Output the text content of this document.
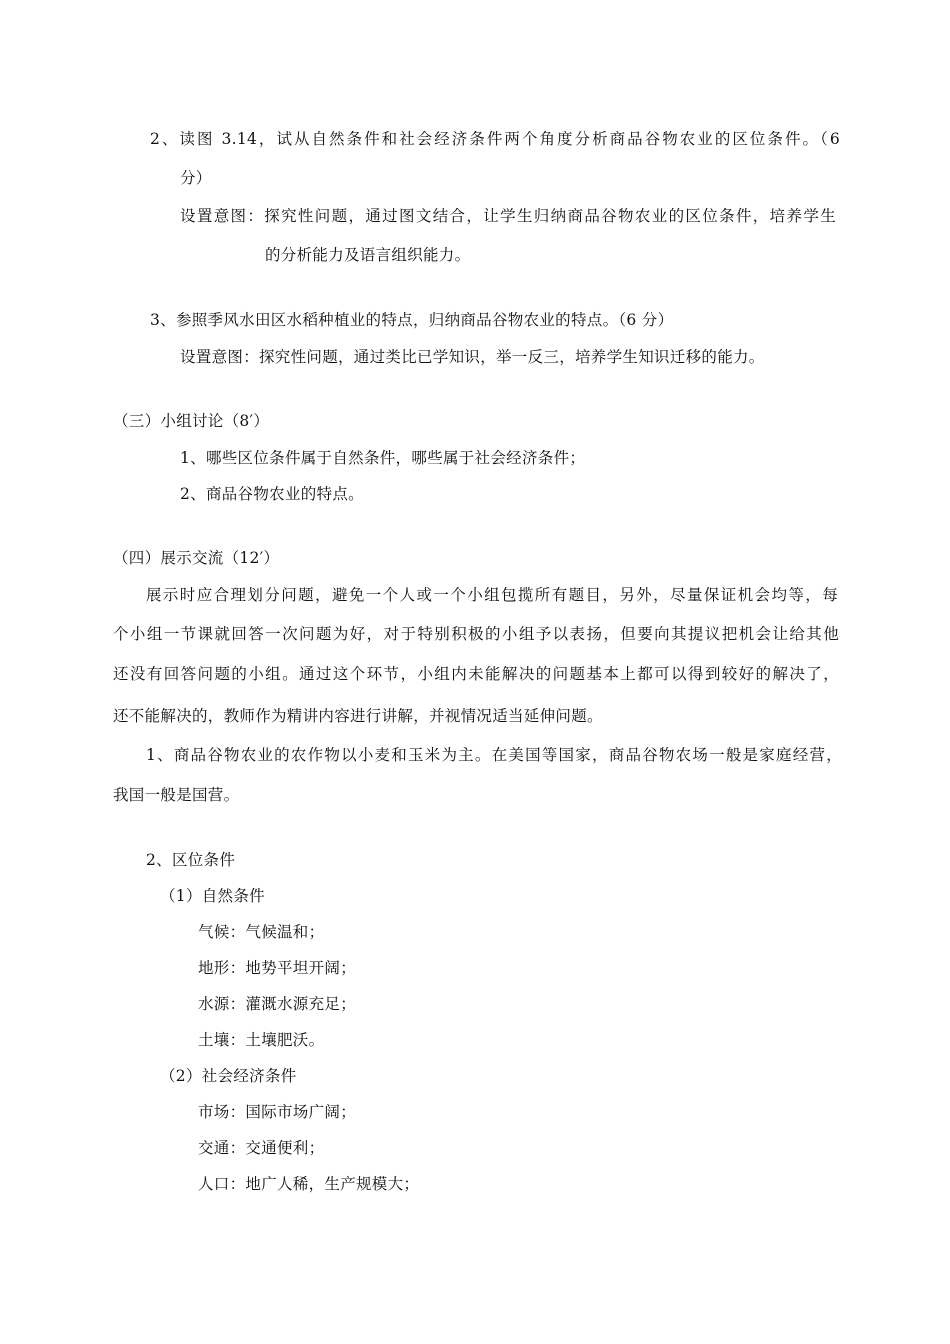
2、读图 3.14，试从自然条件和社会经济条件两个角度分析商品谷物农业的区位条件。（6
分）
设置意图：探究性问题，通过图文结合，让学生归纳商品谷物农业的区位条件，培养学生
的分析能力及语言组织能力。
3、参照季风水田区水稻种植业的特点，归纳商品谷物农业的特点。（6 分）
设置意图：探究性问题，通过类比已学知识，举一反三，培养学生知识迁移的能力。
（三）小组讨论（8′）
1、哪些区位条件属于自然条件，哪些属于社会经济条件；
2、商品谷物农业的特点。
（四）展示交流（12′）
展示时应合理划分问题，避免一个人或一个小组包揽所有题目，另外，尽量保证机会均等，每
个小组一节课就回答一次问题为好，对于特别积极的小组予以表扬，但要向其提议把机会让给其他
还没有回答问题的小组。通过这个环节，小组内未能解决的问题基本上都可以得到较好的解决了，
还不能解决的，教师作为精讲内容进行讲解，并视情况适当延伸问题。
1、商品谷物农业的农作物以小麦和玉米为主。在美国等国家，商品谷物农场一般是家庭经营，
我国一般是国营。
2、区位条件
（1）自然条件
气候：气候温和；
地形：地势平坦开阔；
水源：灌溉水源充足；
土壤：土壤肥沃。
（2）社会经济条件
市场：国际市场广阔；
交通：交通便利；
人口：地广人稀，生产规模大；
